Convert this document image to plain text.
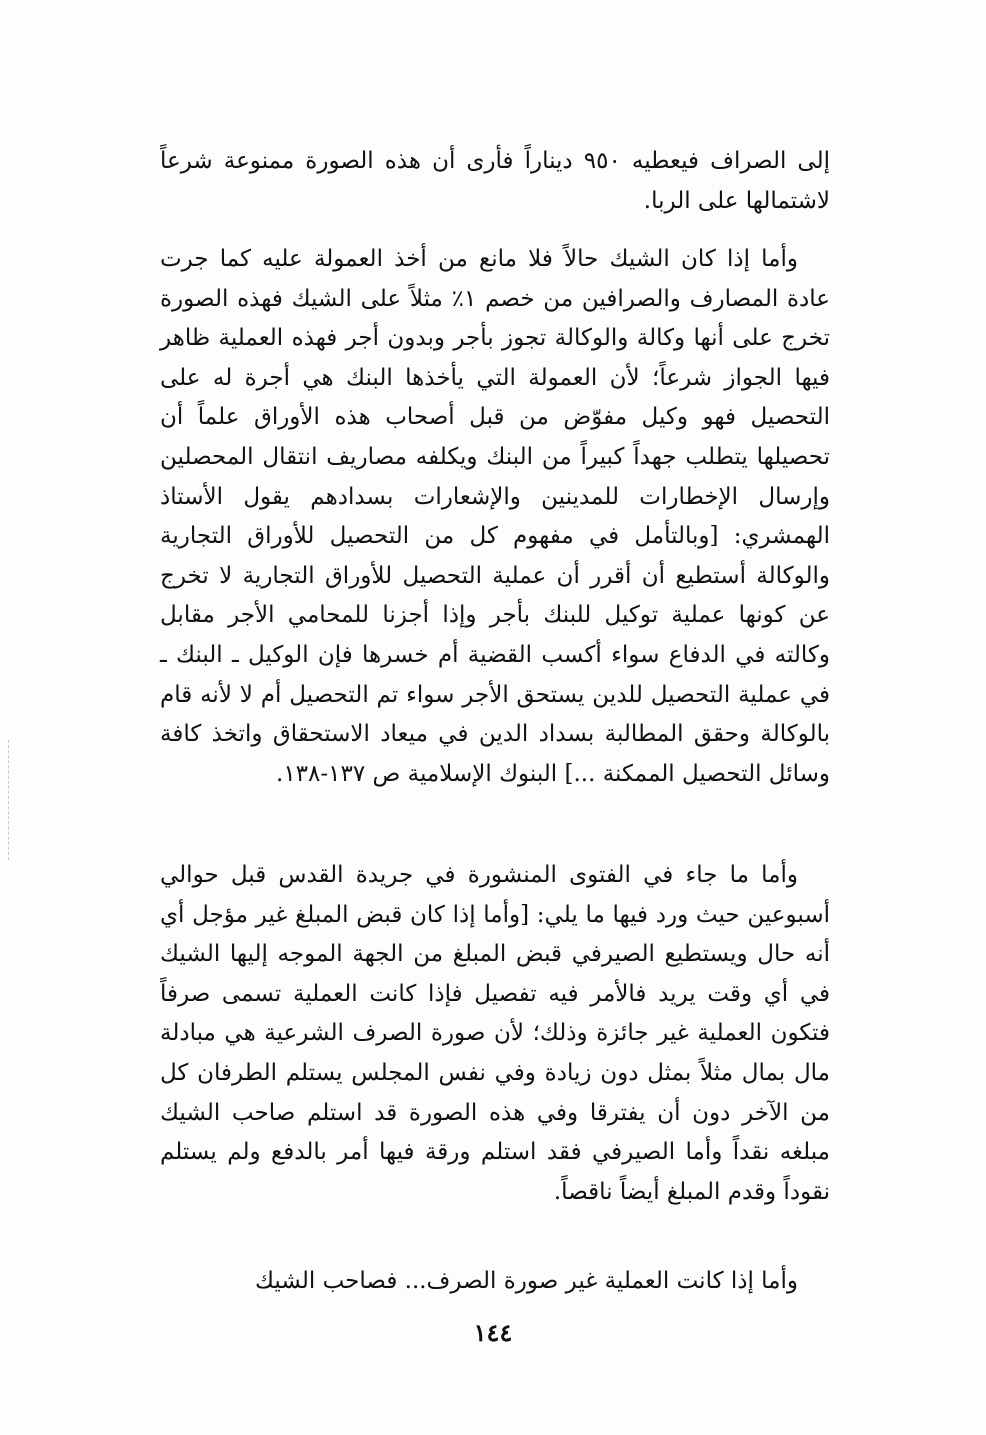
إلى الصراف فيعطيه ٩٥٠ ديناراً فأرى أن هذه الصورة ممنوعة شرعاً لاشتمالها على الربا.

وأما إذا كان الشيك حالاً فلا مانع من أخذ العمولة عليه كما جرت عادة المصارف والصرافين من خصم ١٪ مثلاً على الشيك فهذه الصورة تخرج على أنها وكالة والوكالة تجوز بأجر وبدون أجر فهذه العملية ظاهر فيها الجواز شرعاً؛ لأن العمولة التي يأخذها البنك هي أجرة له على التحصيل فهو وكيل مفوّض من قبل أصحاب هذه الأوراق علماً أن تحصيلها يتطلب جهداً كبيراً من البنك ويكلفه مصاريف انتقال المحصلين وإرسال الإخطارات للمدينين والإشعارات بسدادهم يقول الأستاذ الهمشري: [وبالتأمل في مفهوم كل من التحصيل للأوراق التجارية والوكالة أستطيع أن أقرر أن عملية التحصيل للأوراق التجارية لا تخرج عن كونها عملية توكيل للبنك بأجر وإذا أجزنا للمحامي الأجر مقابل وكالته في الدفاع سواء أكسب القضية أم خسرها فإن الوكيل ـ البنك ـ في عملية التحصيل للدين يستحق الأجر سواء تم التحصيل أم لا لأنه قام بالوكالة وحقق المطالبة بسداد الدين في ميعاد الاستحقاق واتخذ كافة وسائل التحصيل الممكنة ...] البنوك الإسلامية ص ١٣٧-١٣٨.

وأما ما جاء في الفتوى المنشورة في جريدة القدس قبل حوالي أسبوعين حيث ورد فيها ما يلي: [وأما إذا كان قبض المبلغ غير مؤجل أي أنه حال ويستطيع الصيرفي قبض المبلغ من الجهة الموجه إليها الشيك في أي وقت يريد فالأمر فيه تفصيل فإذا كانت العملية تسمى صرفاً فتكون العملية غير جائزة وذلك؛ لأن صورة الصرف الشرعية هي مبادلة مال بمال مثلاً بمثل دون زيادة وفي نفس المجلس يستلم الطرفان كل من الآخر دون أن يفترقا وفي هذه الصورة قد استلم صاحب الشيك مبلغه نقداً وأما الصيرفي فقد استلم ورقة فيها أمر بالدفع ولم يستلم نقوداً وقدم المبلغ أيضاً ناقصاً.

وأما إذا كانت العملية غير صورة الصرف... فصاحب الشيك

١٤٤
